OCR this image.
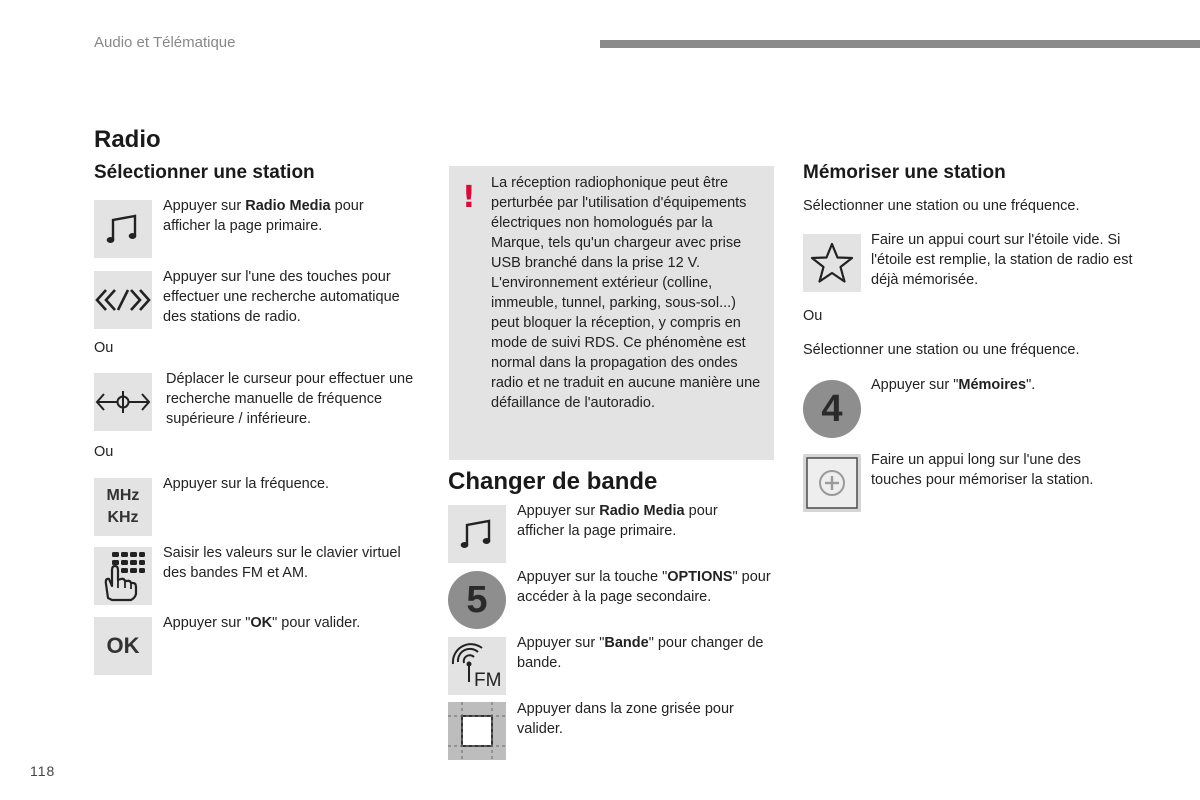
Audio et Télématique
Radio
Sélectionner une station
Appuyer sur Radio Media pour afficher la page primaire.
Appuyer sur l'une des touches pour effectuer une recherche automatique des stations de radio.
Ou
Déplacer le curseur pour effectuer une recherche manuelle de fréquence supérieure / inférieure.
Ou
MHz
KHz
Appuyer sur la fréquence.
Saisir les valeurs sur le clavier virtuel des bandes FM et AM.
OK
Appuyer sur "OK" pour valider.
! La réception radiophonique peut être perturbée par l'utilisation d'équipements électriques non homologués par la Marque, tels qu'un chargeur avec prise USB branché dans la prise 12 V. L'environnement extérieur (colline, immeuble, tunnel, parking, sous-sol...) peut bloquer la réception, y compris en mode de suivi RDS. Ce phénomène est normal dans la propagation des ondes radio et ne traduit en aucune manière une défaillance de l'autoradio.
Changer de bande
Appuyer sur Radio Media pour afficher la page primaire.
5
Appuyer sur la touche "OPTIONS" pour accéder à la page secondaire.
FM
Appuyer sur "Bande" pour changer de bande.
Appuyer dans la zone grisée pour valider.
Mémoriser une station
Sélectionner une station ou une fréquence.
Faire un appui court sur l'étoile vide. Si l'étoile est remplie, la station de radio est déjà mémorisée.
Ou
Sélectionner une station ou une fréquence.
4
Appuyer sur "Mémoires".
Faire un appui long sur l'une des touches pour mémoriser la station.
118
